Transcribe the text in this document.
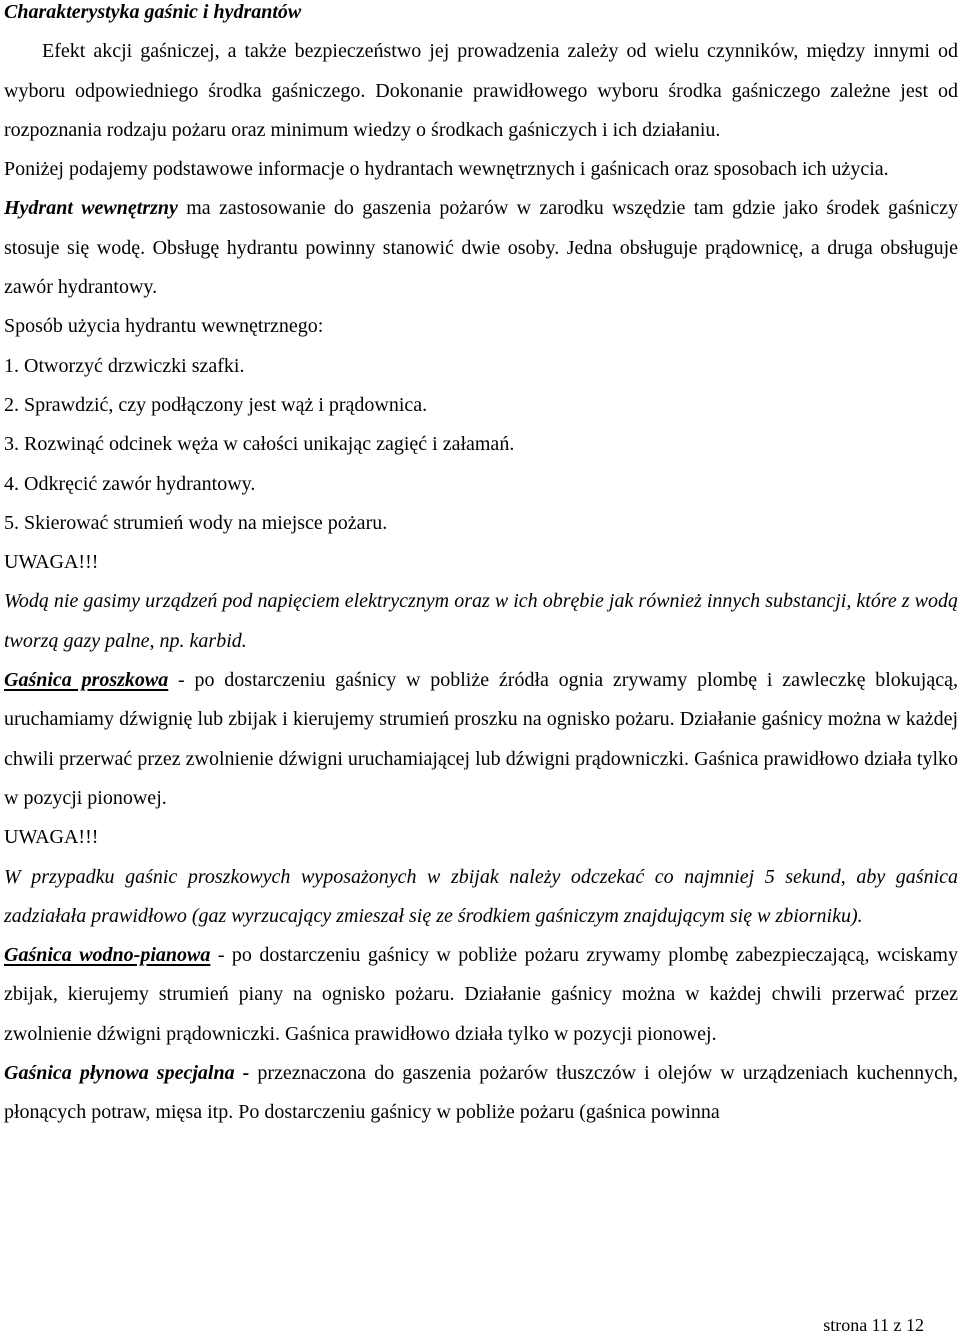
Charakterystyka gaśnic i hydrantów

Efekt akcji gaśniczej, a także bezpieczeństwo jej prowadzenia zależy od wielu czynników, między innymi od wyboru odpowiedniego środka gaśniczego. Dokonanie prawidłowego wyboru środka gaśniczego zależne jest od rozpoznania rodzaju pożaru oraz minimum wiedzy o środkach gaśniczych i ich działaniu.

Poniżej podajemy podstawowe informacje o hydrantach wewnętrznych i gaśnicach oraz sposobach ich użycia.

Hydrant wewnętrzny ma zastosowanie do gaszenia pożarów w zarodku wszędzie tam gdzie jako środek gaśniczy stosuje się wodę. Obsługę hydrantu powinny stanowić dwie osoby. Jedna obsługuje prądownicę, a druga obsługuje zawór hydrantowy.

Sposób użycia hydrantu wewnętrznego:

1. Otworzyć drzwiczki szafki.

2. Sprawdzić, czy podłączony jest wąż i prądownica.

3. Rozwinąć odcinek węża w całości unikając zagięć i załamań.

4. Odkręcić zawór hydrantowy.

5. Skierować strumień wody na miejsce pożaru.

UWAGA!!!

Wodą nie gasimy urządzeń pod napięciem elektrycznym oraz w ich obrębie jak również innych substancji, które z wodą tworzą gazy palne, np. karbid.

Gaśnica proszkowa - po dostarczeniu gaśnicy w pobliże źródła ognia zrywamy plombę i zawleczkę blokującą, uruchamiamy dźwignię lub zbijak i kierujemy strumień proszku na ognisko pożaru. Działanie gaśnicy można w każdej chwili przerwać przez zwolnienie dźwigni uruchamiającej lub dźwigni prądowniczki. Gaśnica prawidłowo działa tylko w pozycji pionowej.

UWAGA!!!

W przypadku gaśnic proszkowych wyposażonych w zbijak należy odczekać co najmniej 5 sekund, aby gaśnica zadziałała prawidłowo (gaz wyrzucający zmieszał się ze środkiem gaśniczym znajdującym się w zbiorniku).

Gaśnica wodno-pianowa - po dostarczeniu gaśnicy w pobliże pożaru zrywamy plombę zabezpieczającą, wciskamy zbijak, kierujemy strumień piany na ognisko pożaru. Działanie gaśnicy można w każdej chwili przerwać przez zwolnienie dźwigni prądowniczki. Gaśnica prawidłowo działa tylko w pozycji pionowej.

Gaśnica płynowa specjalna - przeznaczona do gaszenia pożarów tłuszczów i olejów w urządzeniach kuchennych, płonących potraw, mięsa itp. Po dostarczeniu gaśnicy w pobliże pożaru (gaśnica powinna

strona 11 z 12
